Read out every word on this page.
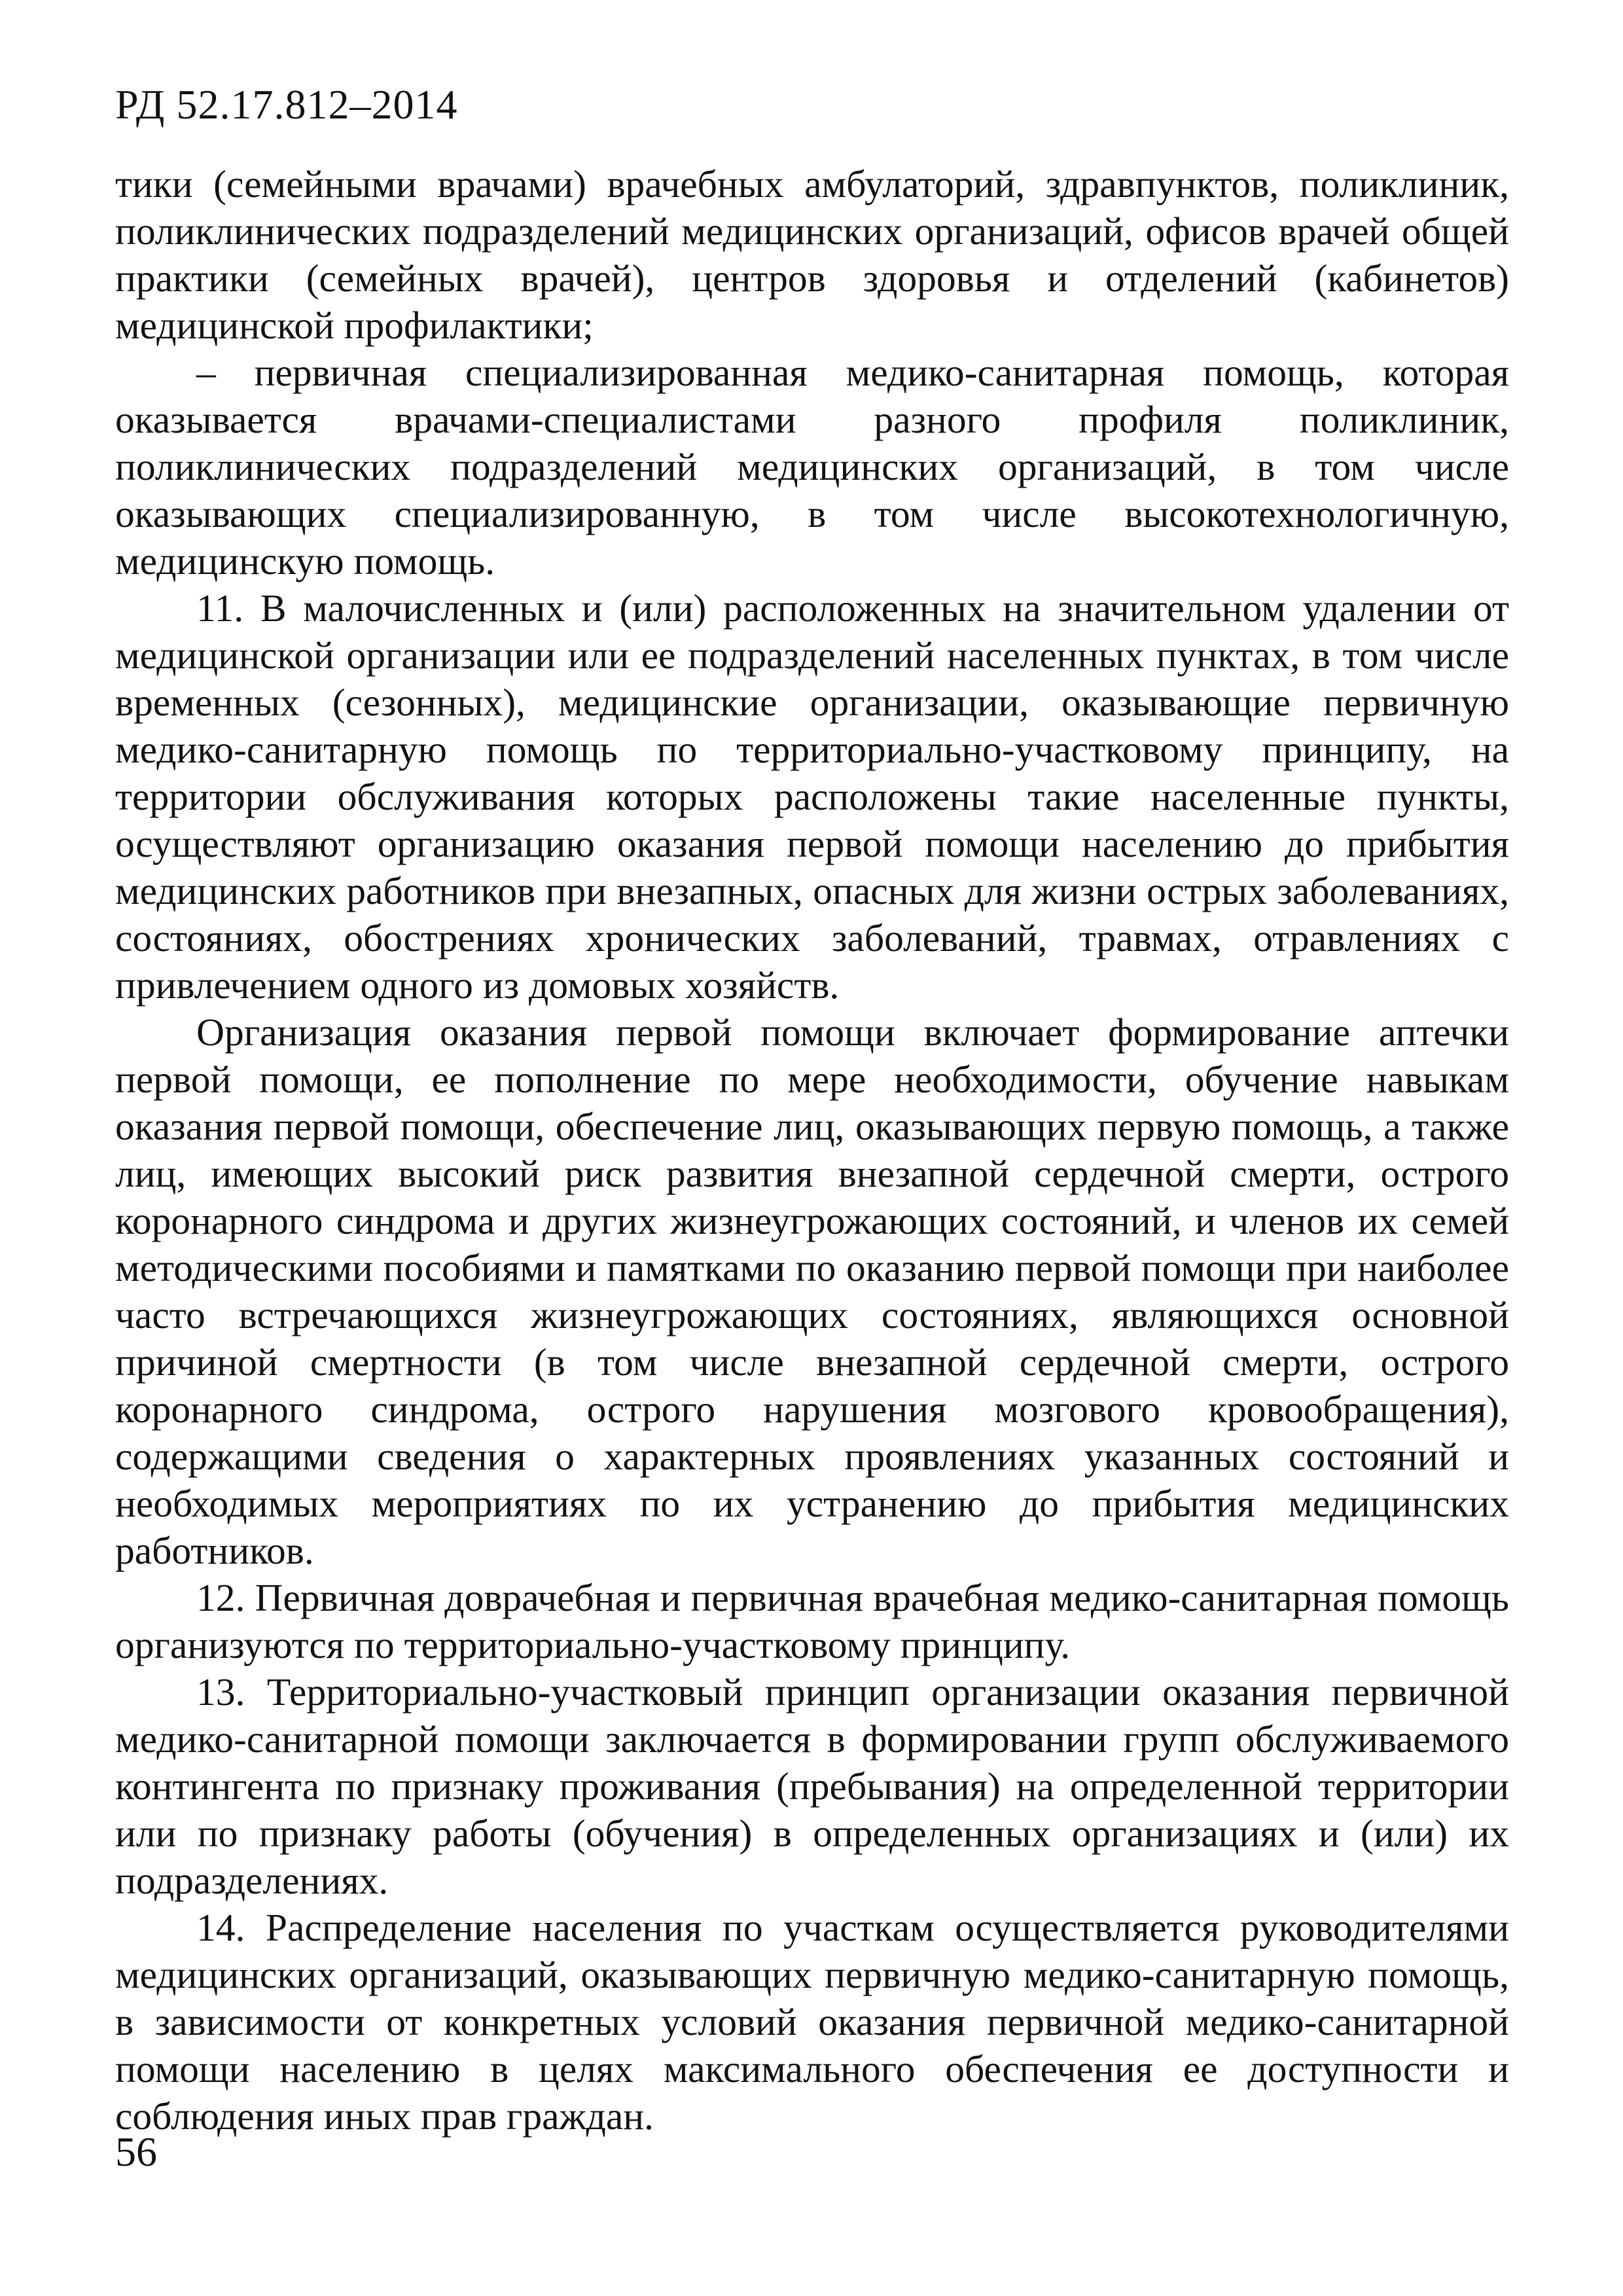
РД 52.17.812–2014

тики (семейными врачами) врачебных амбулаторий, здравпунктов, поликлиник, поликлинических подразделений медицинских организаций, офисов врачей общей практики (семейных врачей), центров здоровья и отделений (кабинетов) медицинской профилактики;

– первичная специализированная медико-санитарная помощь, которая оказывается врачами-специалистами разного профиля поликлиник, поликлинических подразделений медицинских организаций, в том числе оказывающих специализированную, в том числе высокотехнологичную, медицинскую помощь.

11. В малочисленных и (или) расположенных на значительном удалении от медицинской организации или ее подразделений населенных пунктах, в том числе временных (сезонных), медицинские организации, оказывающие первичную медико-санитарную помощь по территориально-участковому принципу, на территории обслуживания которых расположены такие населенные пункты, осуществляют организацию оказания первой помощи населению до прибытия медицинских работников при внезапных, опасных для жизни острых заболеваниях, состояниях, обострениях хронических заболеваний, травмах, отравлениях с привлечением одного из домовых хозяйств.

Организация оказания первой помощи включает формирование аптечки первой помощи, ее пополнение по мере необходимости, обучение навыкам оказания первой помощи, обеспечение лиц, оказывающих первую помощь, а также лиц, имеющих высокий риск развития внезапной сердечной смерти, острого коронарного синдрома и других жизнеугрожающих состояний, и членов их семей методическими пособиями и памятками по оказанию первой помощи при наиболее часто встречающихся жизнеугрожающих состояниях, являющихся основной причиной смертности (в том числе внезапной сердечной смерти, острого коронарного синдрома, острого нарушения мозгового кровообращения), содержащими сведения о характерных проявлениях указанных состояний и необходимых мероприятиях по их устранению до прибытия медицинских работников.

12. Первичная доврачебная и первичная врачебная медико-санитарная помощь организуются по территориально-участковому принципу.

13. Территориально-участковый принцип организации оказания первичной медико-санитарной помощи заключается в формировании групп обслуживаемого контингента по признаку проживания (пребывания) на определенной территории или по признаку работы (обучения) в определенных организациях и (или) их подразделениях.

14. Распределение населения по участкам осуществляется руководителями медицинских организаций, оказывающих первичную медико-санитарную помощь, в зависимости от конкретных условий оказания первичной медико-санитарной помощи населению в целях максимального обеспечения ее доступности и соблюдения иных прав граждан.

56
